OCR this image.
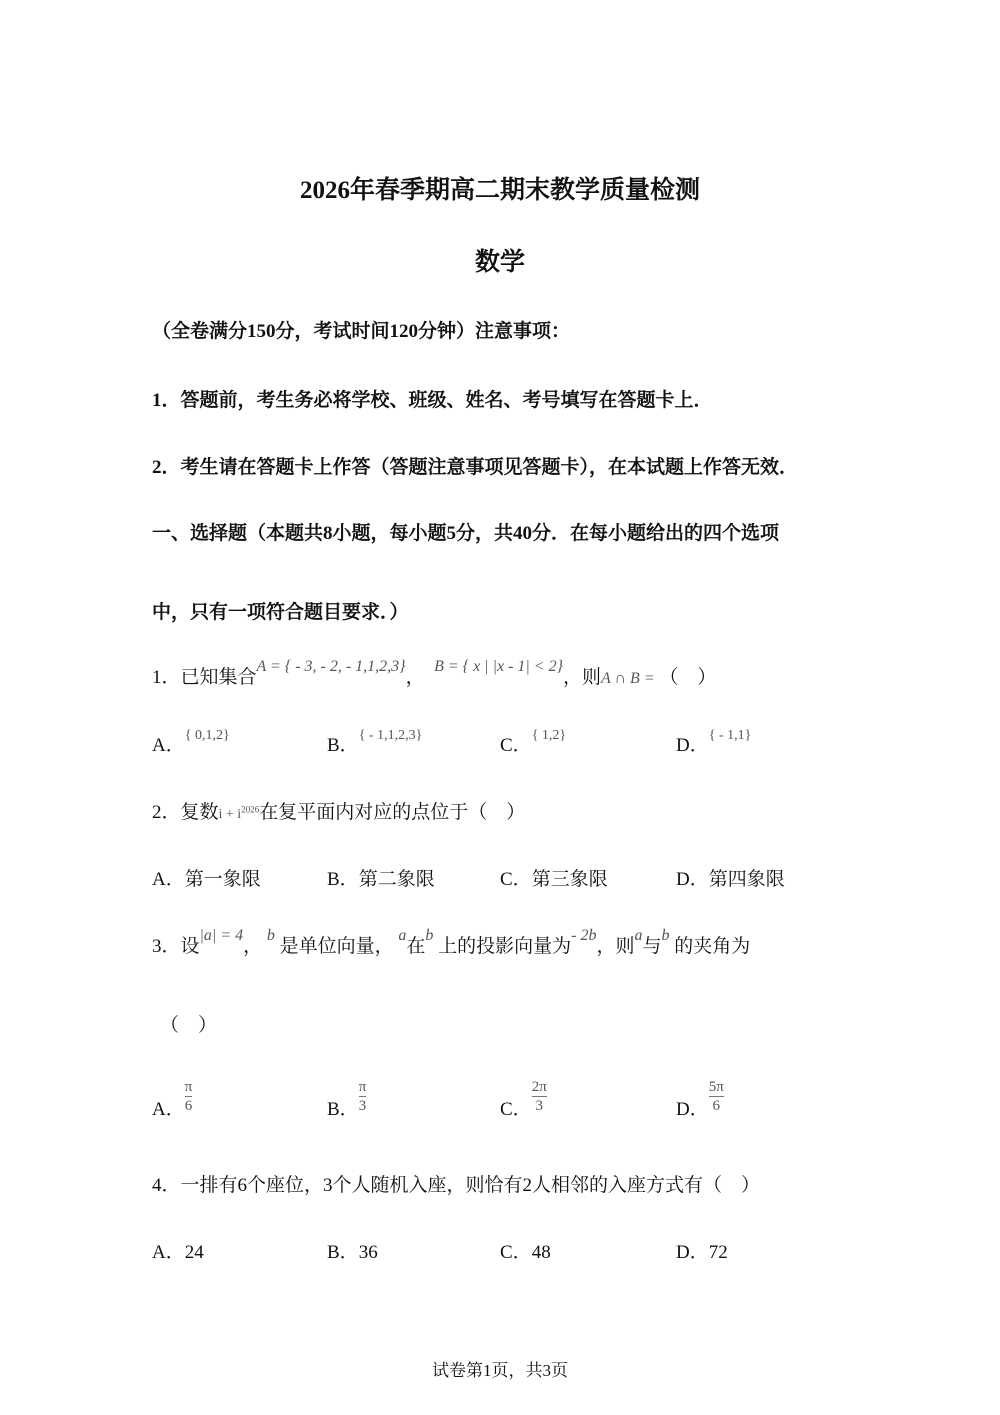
2026年春季期高二期末教学质量检测
数学
（全卷满分150分，考试时间120分钟）注意事项：
1．答题前，考生务必将学校、班级、姓名、考号填写在答题卡上．
2．考生请在答题卡上作答（答题注意事项见答题卡），在本试题上作答无效．
一、选择题（本题共8小题，每小题5分，共40分．在每小题给出的四个选项
中，只有一项符合题目要求．）
1．已知集合$^{A = \{ - 3, - 2, - 1,1,2,3\}}$，  $^{B = \{ x | |x - 1| < 2\}}$，则A ∩ B = （　）
A．$^{\{ 0,1,2\}}$	B．$^{\{ - 1,1,2,3\}}$	C．$^{\{ 1,2\}}$	D．$^{\{ - 1,1\}}$
2．复数$i + i^{2026}$在复平面内对应的点位于（　）
A．第一象限	B．第二象限	C．第三象限	D．第四象限
3．设$^{|a| = 4}$， $^b$ 是单位向量， $^a$在$^b$ 上的投影向量为$^{- 2b}$，则$^a$与$^b$ 的夹角为
（　）
A． $\frac{\pi}{6}$	B． $\frac{\pi}{3}$	C． $\frac{2\pi}{3}$	D． $\frac{5\pi}{6}$
4．一排有6个座位，3个人随机入座，则恰有2人相邻的入座方式有（　）
A．24	B．36	C．48	D．72
试卷第1页，共3页
